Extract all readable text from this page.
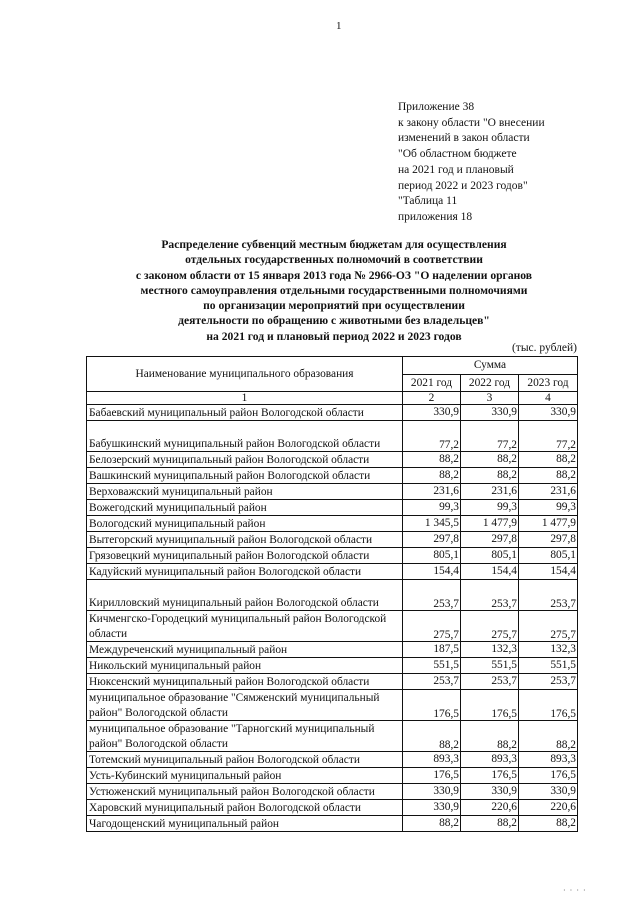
1
Приложение 38
к закону области "О внесении
изменений в закон области
"Об областном бюджете
на 2021 год и плановый
период 2022 и 2023 годов"
"Таблица 11
приложения 18
Распределение субвенций местным бюджетам для осуществления
отдельных государственных полномочий в соответствии
с законом области от 15 января 2013 года № 2966-ОЗ "О наделении органов
местного самоуправления отдельными государственными полномочиями
по организации мероприятий при осуществлении
деятельности по обращению с животными без владельцев"
на 2021 год и плановый период 2022 и 2023 годов
(тыс. рублей)
Наименование муниципального образования	Сумма		
	2021 год	2022 год	2023 год
1	2	3	4
Бабаевский муниципальный район Вологодской области	330,9	330,9	330,9
Бабушкинский муниципальный район Вологодской области	77,2	77,2	77,2
Белозерский муниципальный район Вологодской области	88,2	88,2	88,2
Вашкинский муниципальный район Вологодской области	88,2	88,2	88,2
Верховажский муниципальный район	231,6	231,6	231,6
Вожегодский муниципальный район	99,3	99,3	99,3
Вологодский муниципальный район	1 345,5	1 477,9	1 477,9
Вытегорский муниципальный район Вологодской области	297,8	297,8	297,8
Грязовецкий муниципальный район Вологодской области	805,1	805,1	805,1
Кадуйский муниципальный район Вологодской области	154,4	154,4	154,4
Кирилловский муниципальный район Вологодской области	253,7	253,7	253,7
Кичменгско-Городецкий муниципальный район Вологодской области	275,7	275,7	275,7
Междуреченский муниципальный район	187,5	132,3	132,3
Никольский муниципальный район	551,5	551,5	551,5
Нюксенский муниципальный район Вологодской области	253,7	253,7	253,7
муниципальное образование "Сямженский муниципальный район" Вологодской области	176,5	176,5	176,5
муниципальное образование "Тарногский муниципальный район" Вологодской области	88,2	88,2	88,2
Тотемский муниципальный район Вологодской области	893,3	893,3	893,3
Усть-Кубинский муниципальный район	176,5	176,5	176,5
Устюженский муниципальный район Вологодской области	330,9	330,9	330,9
Харовский муниципальный район Вологодской области	330,9	220,6	220,6
Чагодощенский муниципальный район	88,2	88,2	88,2
· · · ·
